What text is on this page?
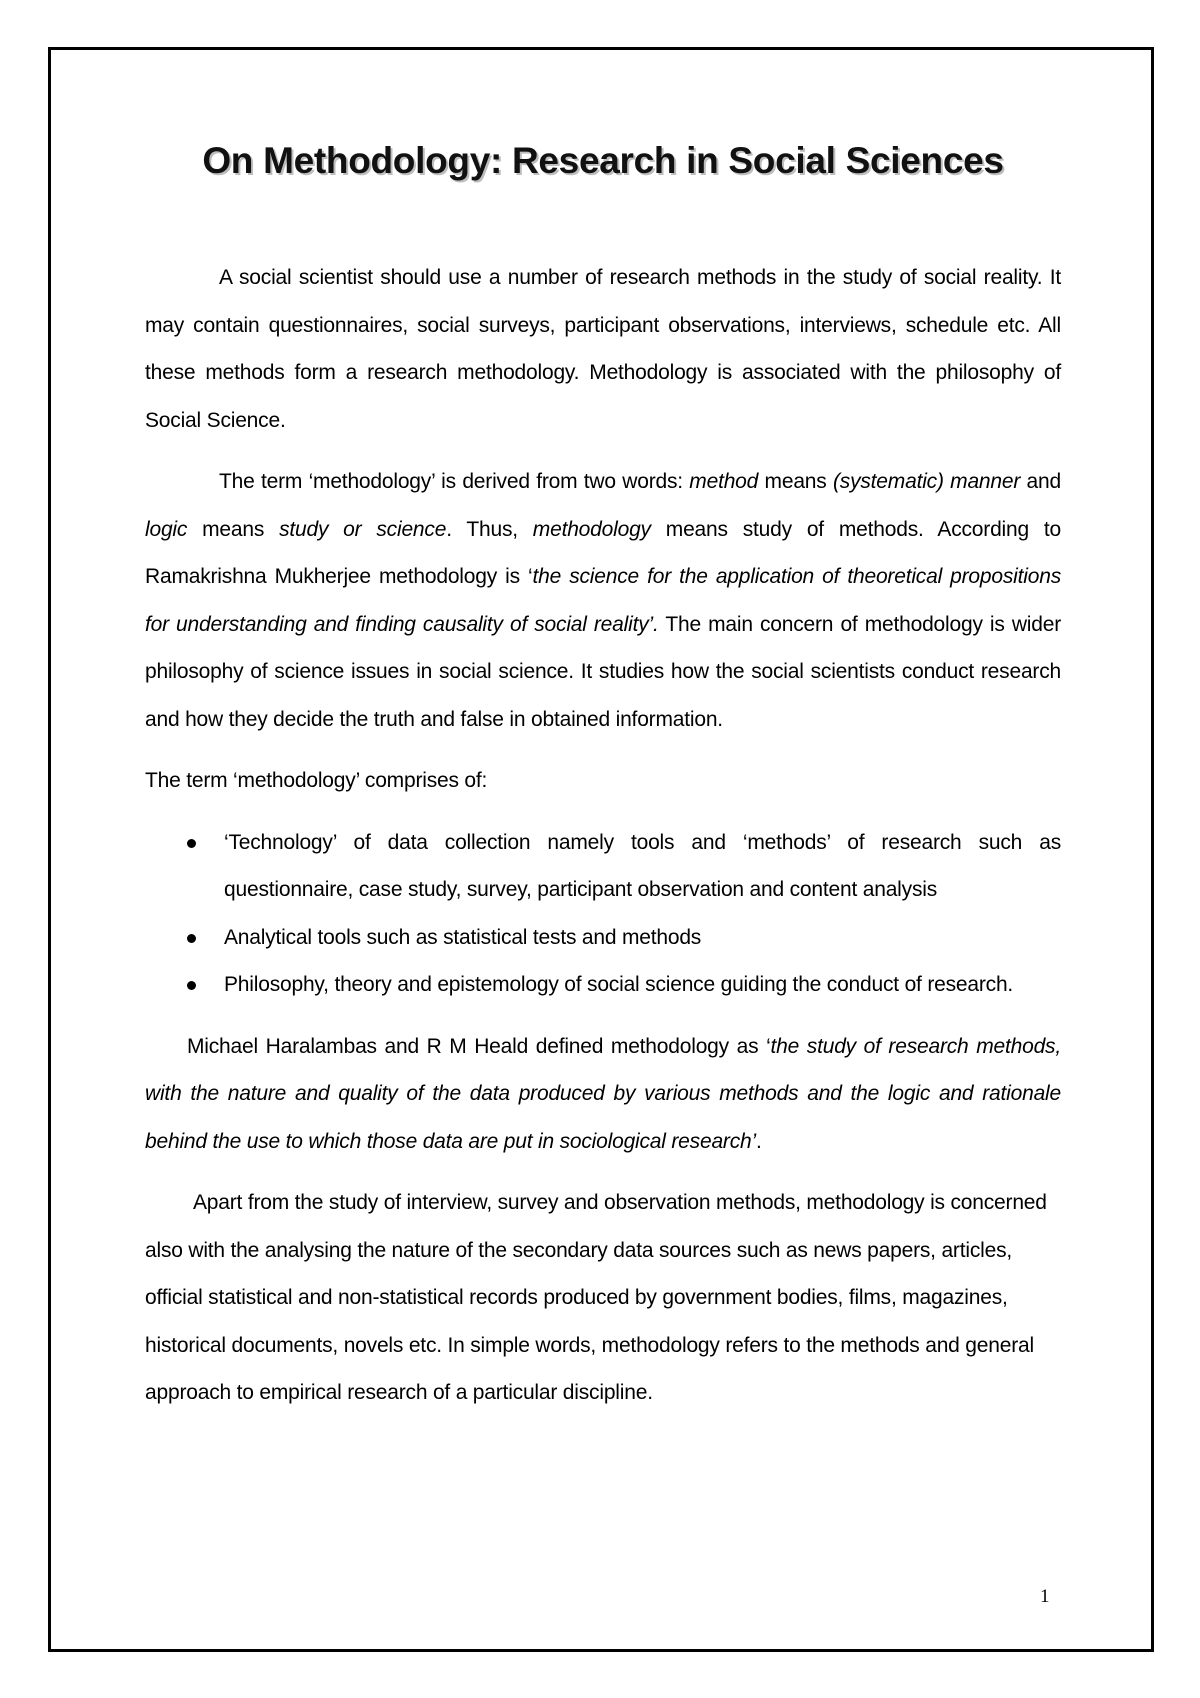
On Methodology: Research in Social Sciences

A social scientist should use a number of research methods in the study of social reality. It may contain questionnaires, social surveys, participant observations, interviews, schedule etc. All these methods form a research methodology. Methodology is associated with the philosophy of Social Science.

The term ‘methodology’ is derived from two words: method means (systematic) manner and logic means study or science. Thus, methodology means study of methods. According to Ramakrishna Mukherjee methodology is ‘the science for the application of theoretical propositions for understanding and finding causality of social reality’. The main concern of methodology is wider philosophy of science issues in social science. It studies how the social scientists conduct research and how they decide the truth and false in obtained information.

The term ‘methodology’ comprises of:

‘Technology’ of data collection namely tools and ‘methods’ of research such as questionnaire, case study, survey, participant observation and content analysis
Analytical tools such as statistical tests and methods
Philosophy, theory and epistemology of social science guiding the conduct of research.

Michael Haralambas and R M Heald defined methodology as ‘the study of research methods, with the nature and quality of the data produced by various methods and the logic and rationale behind the use to which those data are put in sociological research’.

Apart from the study of interview, survey and observation methods, methodology is concerned also with the analysing the nature of the secondary data sources such as news papers, articles, official statistical and non-statistical records produced by government bodies, films, magazines, historical documents, novels etc. In simple words, methodology refers to the methods and general approach to empirical research of a particular discipline.

1
